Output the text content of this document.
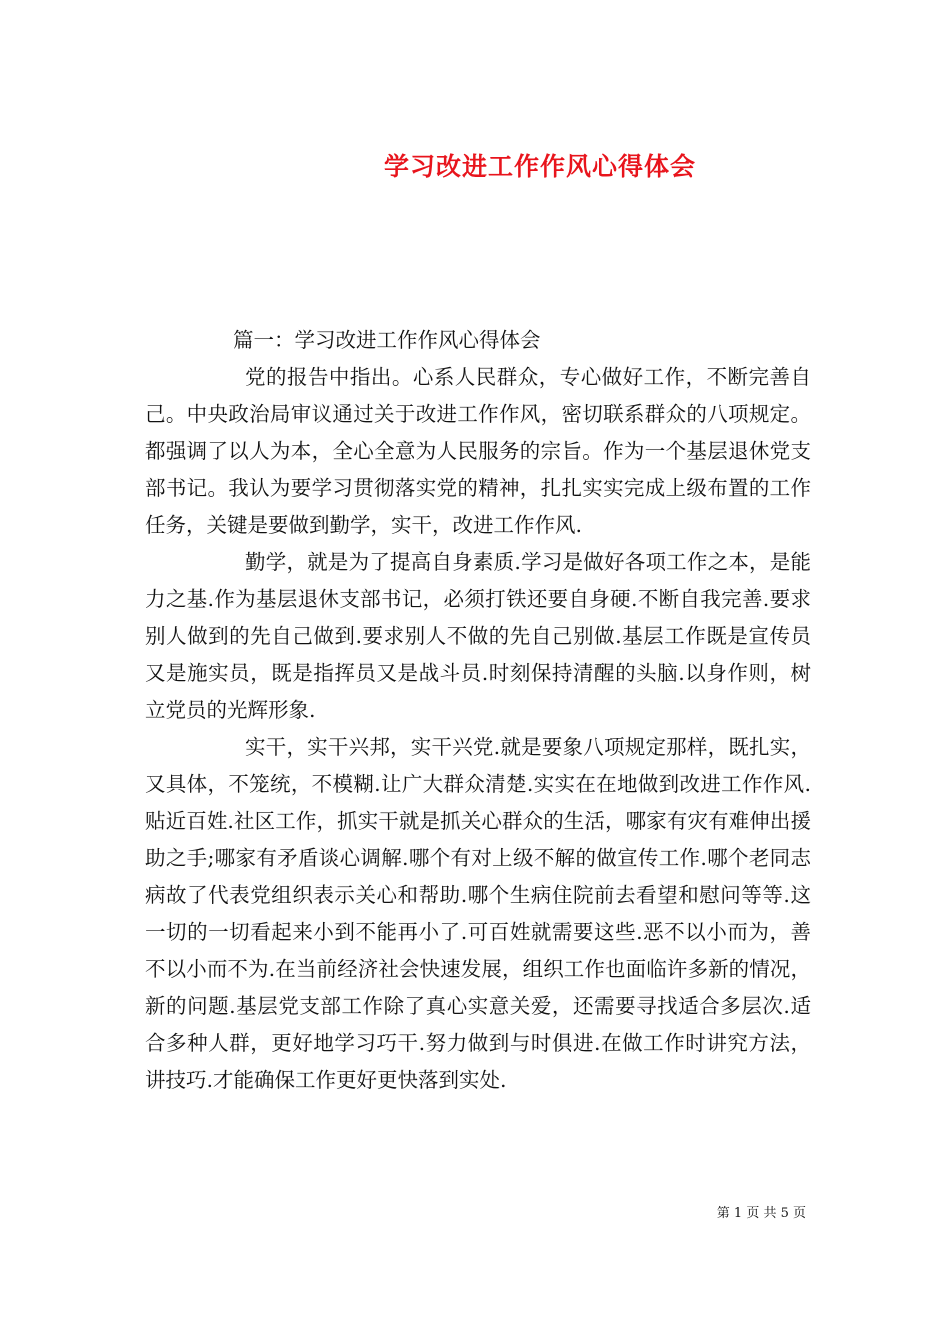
学习改进工作作风心得体会

篇一：学习改进工作作风心得体会

党的报告中指出。心系人民群众，专心做好工作，不断完善自己。中央政治局审议通过关于改进工作作风，密切联系群众的八项规定。都强调了以人为本，全心全意为人民服务的宗旨。作为一个基层退休党支部书记。我认为要学习贯彻落实党的精神，扎扎实实完成上级布置的工作任务，关键是要做到勤学，实干，改进工作作风.

勤学，就是为了提高自身素质.学习是做好各项工作之本，是能力之基.作为基层退休支部书记，必须打铁还要自身硬.不断自我完善.要求别人做到的先自己做到.要求别人不做的先自己别做.基层工作既是宣传员又是施实员，既是指挥员又是战斗员.时刻保持清醒的头脑.以身作则，树立党员的光辉形象.

实干，实干兴邦，实干兴党.就是要象八项规定那样，既扎实，又具体，不笼统，不模糊.让广大群众清楚.实实在在地做到改进工作作风.贴近百姓.社区工作，抓实干就是抓关心群众的生活，哪家有灾有难伸出援助之手;哪家有矛盾谈心调解.哪个有对上级不解的做宣传工作.哪个老同志病故了代表党组织表示关心和帮助.哪个生病住院前去看望和慰问等等.这一切的一切看起来小到不能再小了.可百姓就需要这些.恶不以小而为，善不以小而不为.在当前经济社会快速发展，组织工作也面临许多新的情况，新的问题.基层党支部工作除了真心实意关爱，还需要寻找适合多层次.适合多种人群，更好地学习巧干.努力做到与时俱进.在做工作时讲究方法，讲技巧.才能确保工作更好更快落到实处.

第 1 页 共 5 页
